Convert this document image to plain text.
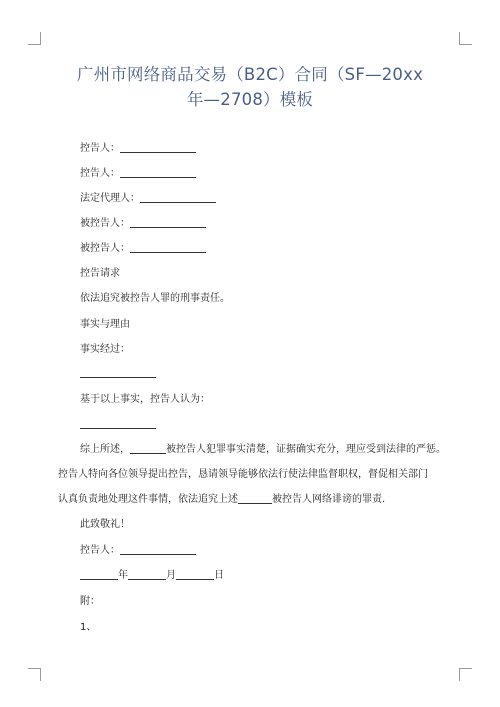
广州市网络商品交易（B2C）合同（SF—20xx
年—2708）模板
控告人：
控告人：
法定代理人：
被控告人：
被控告人：
控告请求
依法追究被控告人罪的刑事责任。
事实与理由
事实经过：
基于以上事实，控告人认为：
综上所述，	被控告人犯罪事实清楚，证据确实充分，理应受到法律的严惩。
控告人特向各位领导提出控告，恳请领导能够依法行使法律监督职权，督促相关部门
认真负责地处理这件事情，依法追究上述	被控告人网络诽谤的罪责.
此致敬礼！
控告人：
年	月	日
附：
1、
